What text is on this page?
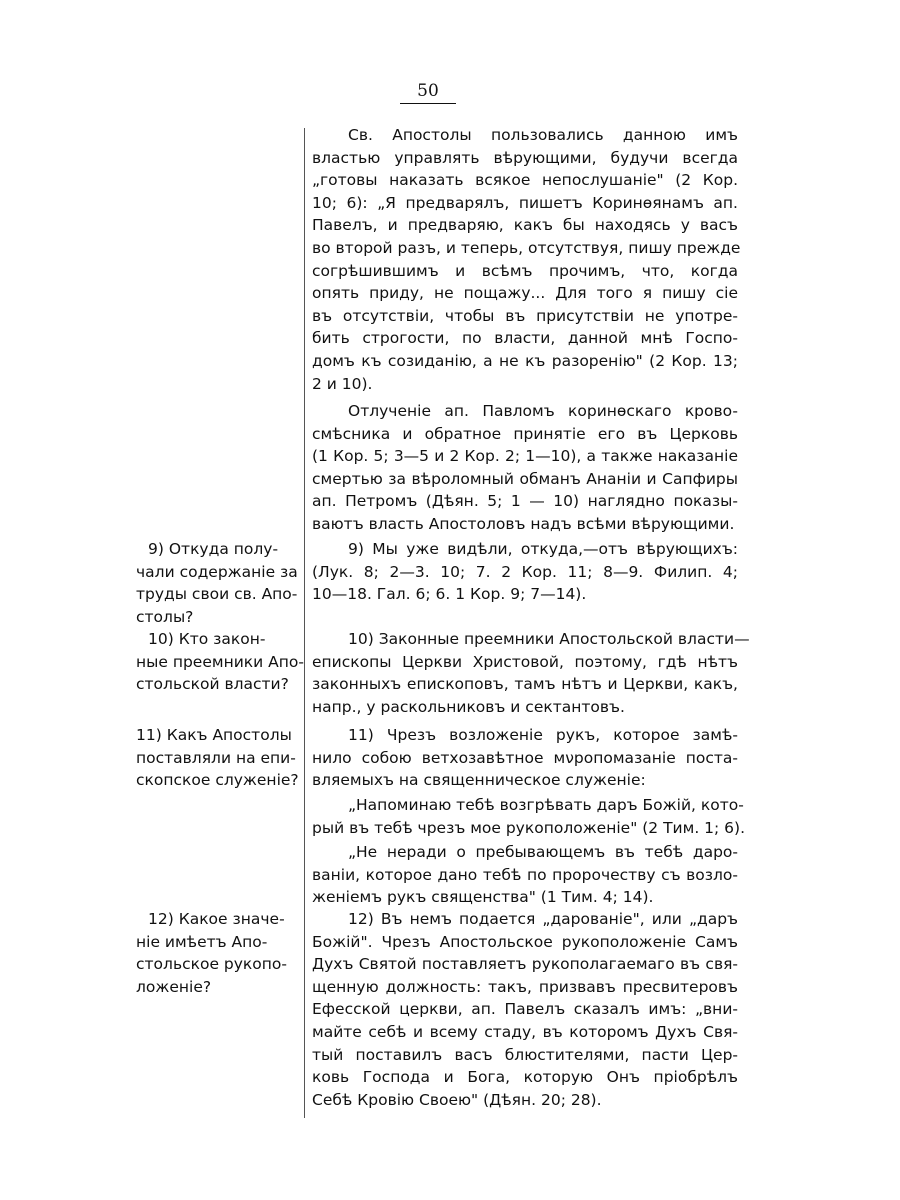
50
Св. Апостолы пользовались данною имъ
властью управлять вѣрующими, будучи всегда
„готовы наказать всякое непослушаніе" (2 Кор.
10; 6): „Я предварялъ, пишетъ Коринѳянамъ ап.
Павелъ, и предваряю, какъ бы находясь у васъ
во второй разъ, и теперь, отсутствуя, пишу прежде
согрѣшившимъ и всѣмъ прочимъ, что, когда
опять приду, не пощажу... Для того я пишу сіе
въ отсутствіи, чтобы въ присутствіи не употре-
бить строгости, по власти, данной мнѣ Госпо-
домъ къ созиданію, а не къ разоренію" (2 Кор. 13;
2 и 10).
Отлученіе ап. Павломъ коринѳскаго кровo-
смѣсника и обратное принятіе его въ Церковь
(1 Кор. 5; 3—5 и 2 Кор. 2; 1—10), а также наказаніе
смертью за вѣроломный обманъ Ананіи и Сапфиры
ап. Петромъ (Дѣян. 5; 1 — 10) наглядно показы-
ваютъ власть Апостоловъ надъ всѣми вѣрующими.
9) Мы уже видѣли, откуда,—отъ вѣрующихъ:
(Лук. 8; 2—3. 10; 7. 2 Кор. 11; 8—9. Филип. 4;
10—18. Гал. 6; 6. 1 Кор. 9; 7—14).
10) Законные преемники Апостольской власти—
епископы Церкви Христовой, поэтому, гдѣ нѣтъ
законныхъ епископовъ, тамъ нѣтъ и Церкви, какъ,
напр., у раскольниковъ и сектантовъ.
11) Чрезъ возложеніе рукъ, которое замѣ-
нило собою ветхозавѣтное мνропомазаніе поста-
вляемыхъ на священническое служеніе:
„Напоминаю тебѣ возгрѣвать даръ Божій, кото-
рый въ тебѣ чрезъ мое рукоположеніе" (2 Тим. 1; 6).
„Не неради о пребывающемъ въ тебѣ даро-
ваніи, которое дано тебѣ по пророчеству съ возло-
женіемъ рукъ священства" (1 Тим. 4; 14).
12) Въ немъ подается „дарованіе", или „даръ
Божій". Чрезъ Апостольское рукоположеніе Самъ
Духъ Святой поставляетъ рукополагаемаго въ свя-
щенную должность: такъ, призвавъ пресвитеровъ
Ефесской церкви, ап. Павелъ сказалъ имъ: „вни-
майте себѣ и всему стаду, въ которомъ Духъ Свя-
тый поставилъ васъ блюстителями, пасти Цер-
ковь Господа и Бога, которую Онъ пріобрѣлъ
Себѣ Кровію Своею" (Дѣян. 20; 28).
9) Откуда полу-
чали содержаніе за
труды свои св. Апо-
столы?
10) Кто закон-
ные преемники Апо-
стольской власти?
11) Какъ Апостолы
поставляли на епи-
скопское служеніе?
12) Какое значе-
ніе имѣетъ Апо-
стольское рукопо-
ложеніе?
